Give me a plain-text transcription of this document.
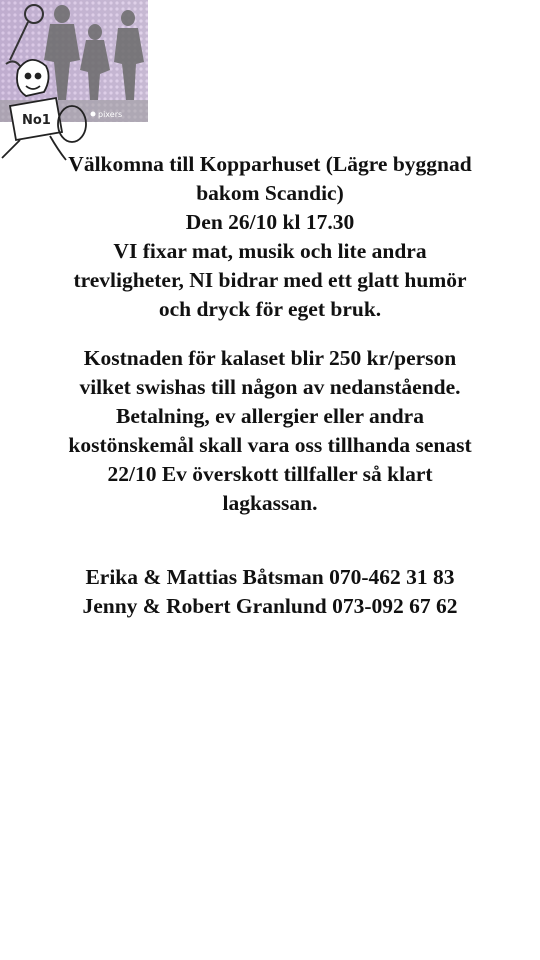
No1	pixers

Välkomna till Kopparhuset (Lägre byggnad

bakom Scandic)

Den 26/10 kl 17.30

VI fixar mat, musik och lite andra

trevligheter, NI bidrar med ett glatt humör

och dryck för eget bruk.

Kostnaden för kalaset blir 250 kr/person

vilket swishas till någon av nedanstående.

Betalning, ev allergier eller andra

kostönskemål skall vara oss tillhanda senast

22/10 Ev överskott tillfaller så klart

lagkassan.

Erika & Mattias Båtsman 070-462 31 83

Jenny & Robert Granlund 073-092 67 62
